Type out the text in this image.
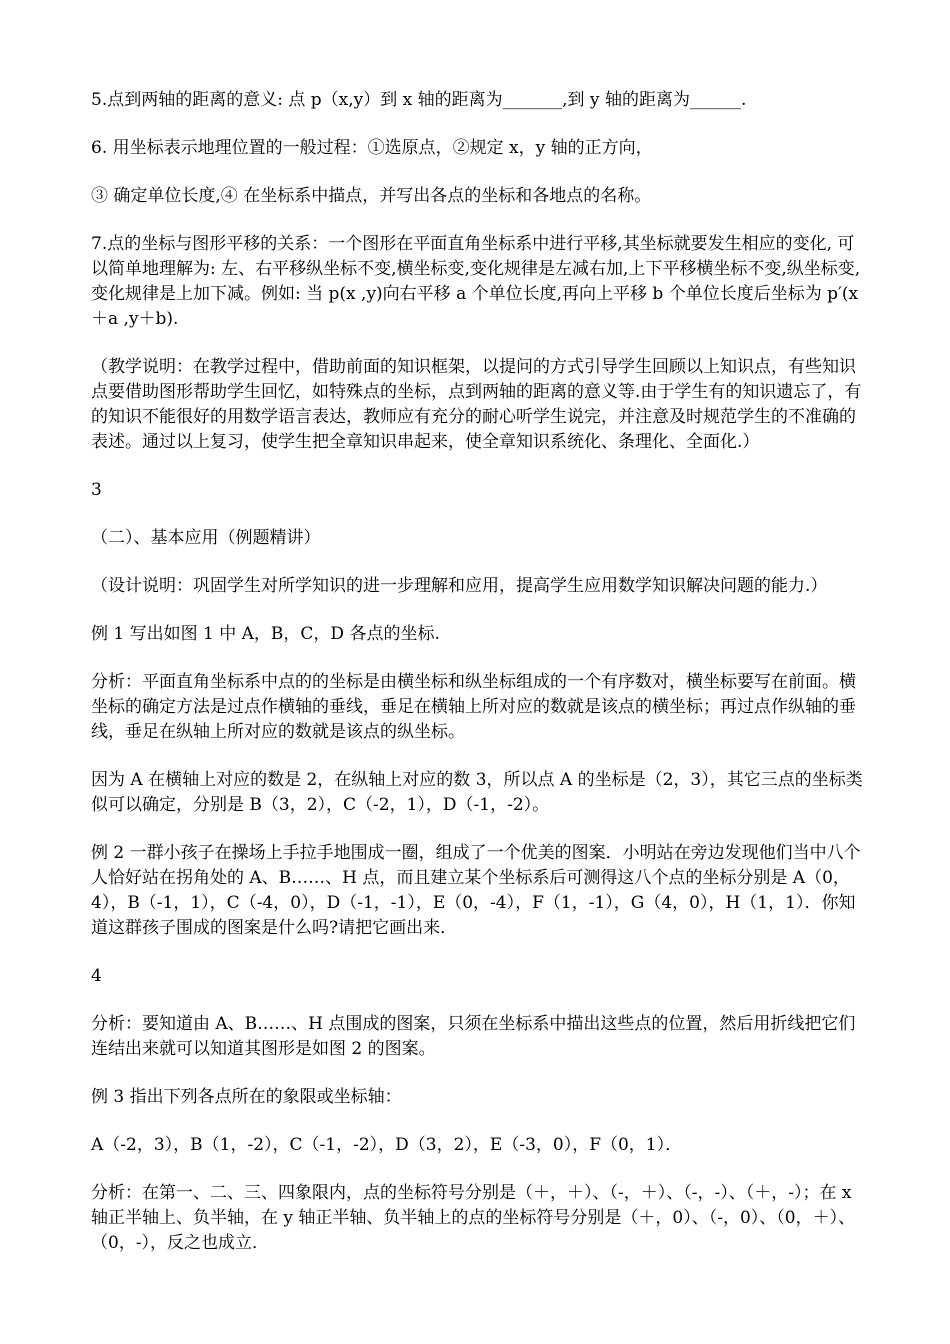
5.点到两轴的距离的意义: 点 p（x,y）到 x 轴的距离为_______,到 y 轴的距离为______.

6. 用坐标表示地理位置的一般过程：①选原点，②规定 x，y 轴的正方向，

③ 确定单位长度,④ 在坐标系中描点，并写出各点的坐标和各地点的名称。

7.点的坐标与图形平移的关系：一个图形在平面直角坐标系中进行平移,其坐标就要发生相应的变化, 可以简单地理解为: 左、右平移纵坐标不变,横坐标变,变化规律是左减右加,上下平移横坐标不变,纵坐标变,变化规律是上加下减。例如: 当 p(x ,y)向右平移 a 个单位长度,再向上平移 b 个单位长度后坐标为 p′(x＋a ,y＋b).

（教学说明：在教学过程中，借助前面的知识框架，以提问的方式引导学生回顾以上知识点，有些知识点要借助图形帮助学生回忆，如特殊点的坐标，点到两轴的距离的意义等.由于学生有的知识遗忘了，有的知识不能很好的用数学语言表达，教师应有充分的耐心听学生说完，并注意及时规范学生的不准确的表述。通过以上复习，使学生把全章知识串起来，使全章知识系统化、条理化、全面化.）

3

（二）、基本应用（例题精讲）

（设计说明：巩固学生对所学知识的进一步理解和应用，提高学生应用数学知识解决问题的能力.）

例 1 写出如图 1 中 A，B，C，D 各点的坐标.

分析：平面直角坐标系中点的的坐标是由横坐标和纵坐标组成的一个有序数对，横坐标要写在前面。横坐标的确定方法是过点作横轴的垂线，垂足在横轴上所对应的数就是该点的横坐标；再过点作纵轴的垂线，垂足在纵轴上所对应的数就是该点的纵坐标。

因为 A 在横轴上对应的数是 2，在纵轴上对应的数 3，所以点 A 的坐标是（2，3），其它三点的坐标类似可以确定，分别是 B（3，2），C（-2，1），D（-1，-2）。

例 2 一群小孩子在操场上手拉手地围成一圈，组成了一个优美的图案．小明站在旁边发现他们当中八个人恰好站在拐角处的 A、B……、H 点，而且建立某个坐标系后可测得这八个点的坐标分别是 A（0，4），B（-1，1），C（-4，0），D（-1，-1），E（0，-4），F（1，-1），G（4，0），H（1，1）．你知道这群孩子围成的图案是什么吗?请把它画出来．

4

分析：要知道由 A、B……、H 点围成的图案，只须在坐标系中描出这些点的位置，然后用折线把它们连结出来就可以知道其图形是如图 2 的图案。

例 3 指出下列各点所在的象限或坐标轴：

A（-2，3），B（1，-2），C（-1，-2），D（3，2），E（-3，0），F（0，1）．

分析：在第一、二、三、四象限内，点的坐标符号分别是（＋，＋）、（-，＋）、（-，-）、（＋，-）；在 x 轴正半轴上、负半轴，在 y 轴正半轴、负半轴上的点的坐标符号分别是（＋，0）、（-，0）、（0，＋）、（0，-），反之也成立．
